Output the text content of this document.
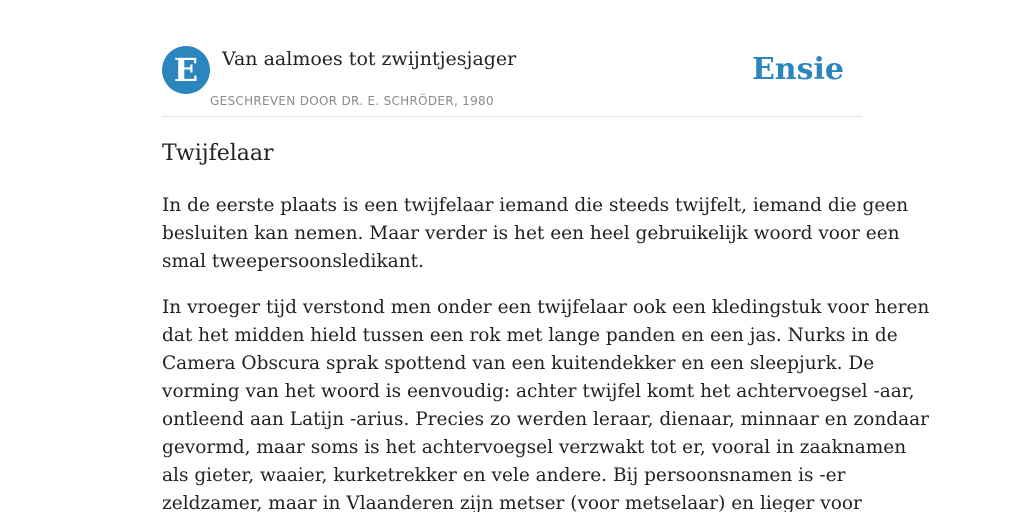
E	Van aalmoes tot zwijntjesjager
GESCHREVEN DOOR DR. E. SCHRÖDER, 1980
Ensie
Twijfelaar

In de eerste plaats is een twijfelaar iemand die steeds twijfelt, iemand die geen
besluiten kan nemen. Maar verder is het een heel gebruikelijk woord voor een
smal tweepersoonsledikant.

In vroeger tijd verstond men onder een twijfelaar ook een kledingstuk voor heren
dat het midden hield tussen een rok met lange panden en een jas. Nurks in de
Camera Obscura sprak spottend van een kuitendekker en een sleepjurk. De
vorming van het woord is eenvoudig: achter twijfel komt het achtervoegsel -aar,
ontleend aan Latijn -arius. Precies zo werden leraar, dienaar, minnaar en zondaar
gevormd, maar soms is het achtervoegsel verzwakt tot er, vooral in zaaknamen
als gieter, waaier, kurketrekker en vele andere. Bij persoonsnamen is -er
zeldzamer, maar in Vlaanderen zijn metser (voor metselaar) en lieger voor
